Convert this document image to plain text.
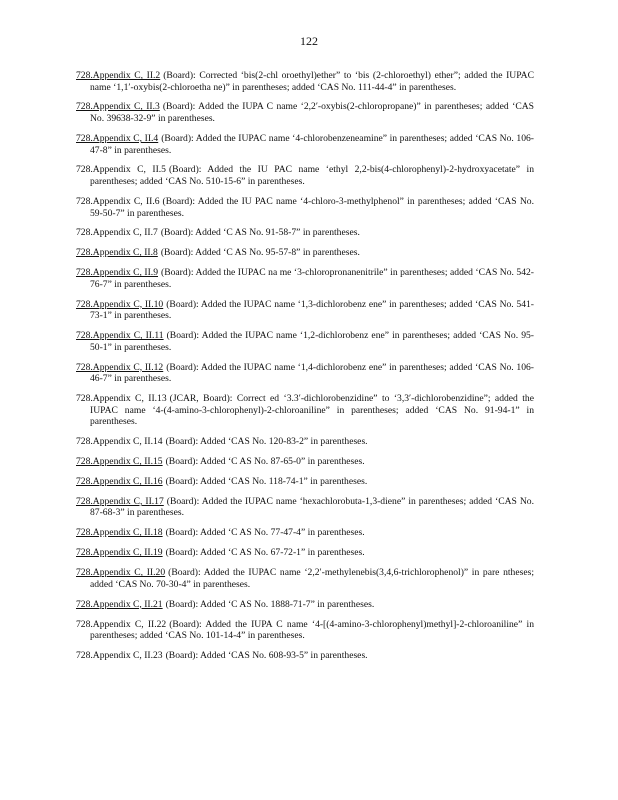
122

728.Appendix C, II.2 (Board): Corrected ‘bis(2-chl oroethyl)ether” to ‘bis (2-chloroethyl) ether”; added the IUPAC name ‘1,1′-oxybis(2-chloroetha ne)” in parentheses; added ‘CAS No. 111-44-4” in parentheses.

728.Appendix C, II.3 (Board): Added the IUPA C name ‘2,2′-oxybis(2-chloropropane)” in parentheses; added ‘CAS No. 39638-32-9” in parentheses.

728.Appendix C, II.4 (Board): Added the IUPAC name ‘4-chlorobenzeneamine” in parentheses; added ‘CAS No. 106-47-8” in parentheses.

728.Appendix C, II.5 (Board): Added the IU PAC name ‘ethyl 2,2-bis(4-chlorophenyl)-2-hydroxyacetate” in parentheses; added ‘CAS No. 510-15-6” in parentheses.

728.Appendix C, II.6 (Board): Added the IU PAC name ‘4-chloro-3-methylphenol” in parentheses; added ‘CAS No. 59-50-7” in parentheses.

728.Appendix C, II.7 (Board): Added ‘C AS No. 91-58-7” in parentheses.

728.Appendix C, II.8 (Board): Added ‘C AS No. 95-57-8” in parentheses.

728.Appendix C, II.9 (Board): Added the IUPAC na me ‘3-chloropronanenitrile” in parentheses; added ‘CAS No. 542-76-7” in parentheses.

728.Appendix C, II.10 (Board): Added the IUPAC name ‘1,3-dichlorobenz ene” in parentheses; added ‘CAS No. 541-73-1” in parentheses.

728.Appendix C, II.11 (Board): Added the IUPAC name ‘1,2-dichlorobenz ene” in parentheses; added ‘CAS No. 95-50-1” in parentheses.

728.Appendix C, II.12 (Board): Added the IUPAC name ‘1,4-dichlorobenz ene” in parentheses; added ‘CAS No. 106-46-7” in parentheses.

728.Appendix C, II.13 (JCAR, Board): Correct ed ‘3.3′-dichlorobenzidine” to ‘3,3′-dichlorobenzidine”; added the IUPAC name ‘4-(4-amino-3-chlorophenyl)-2-chloroaniline” in parentheses; added ‘CAS No. 91-94-1” in parentheses.

728.Appendix C, II.14 (Board): Added ‘CAS No. 120-83-2” in parentheses.

728.Appendix C, II.15 (Board): Added ‘C AS No. 87-65-0” in parentheses.

728.Appendix C, II.16 (Board): Added ‘CAS No. 118-74-1” in parentheses.

728.Appendix C, II.17 (Board): Added the IUPAC name ‘hexachlorobuta-1,3-diene” in parentheses; added ‘CAS No. 87-68-3” in parentheses.

728.Appendix C, II.18 (Board): Added ‘C AS No. 77-47-4” in parentheses.

728.Appendix C, II.19 (Board): Added ‘C AS No. 67-72-1” in parentheses.

728.Appendix C, II.20 (Board): Added the IUPAC name ‘2,2′-methylenebis(3,4,6-trichlorophenol)” in pare ntheses; added ‘CAS No. 70-30-4” in parentheses.

728.Appendix C, II.21 (Board): Added ‘C AS No. 1888-71-7” in parentheses.

728.Appendix C, II.22 (Board): Added the IUPA C name ‘4-[(4-amino-3-chlorophenyl)methyl]-2-chloroaniline” in parentheses; added ‘CAS No. 101-14-4” in parentheses.

728.Appendix C, II.23 (Board): Added ‘CAS No. 608-93-5” in parentheses.
